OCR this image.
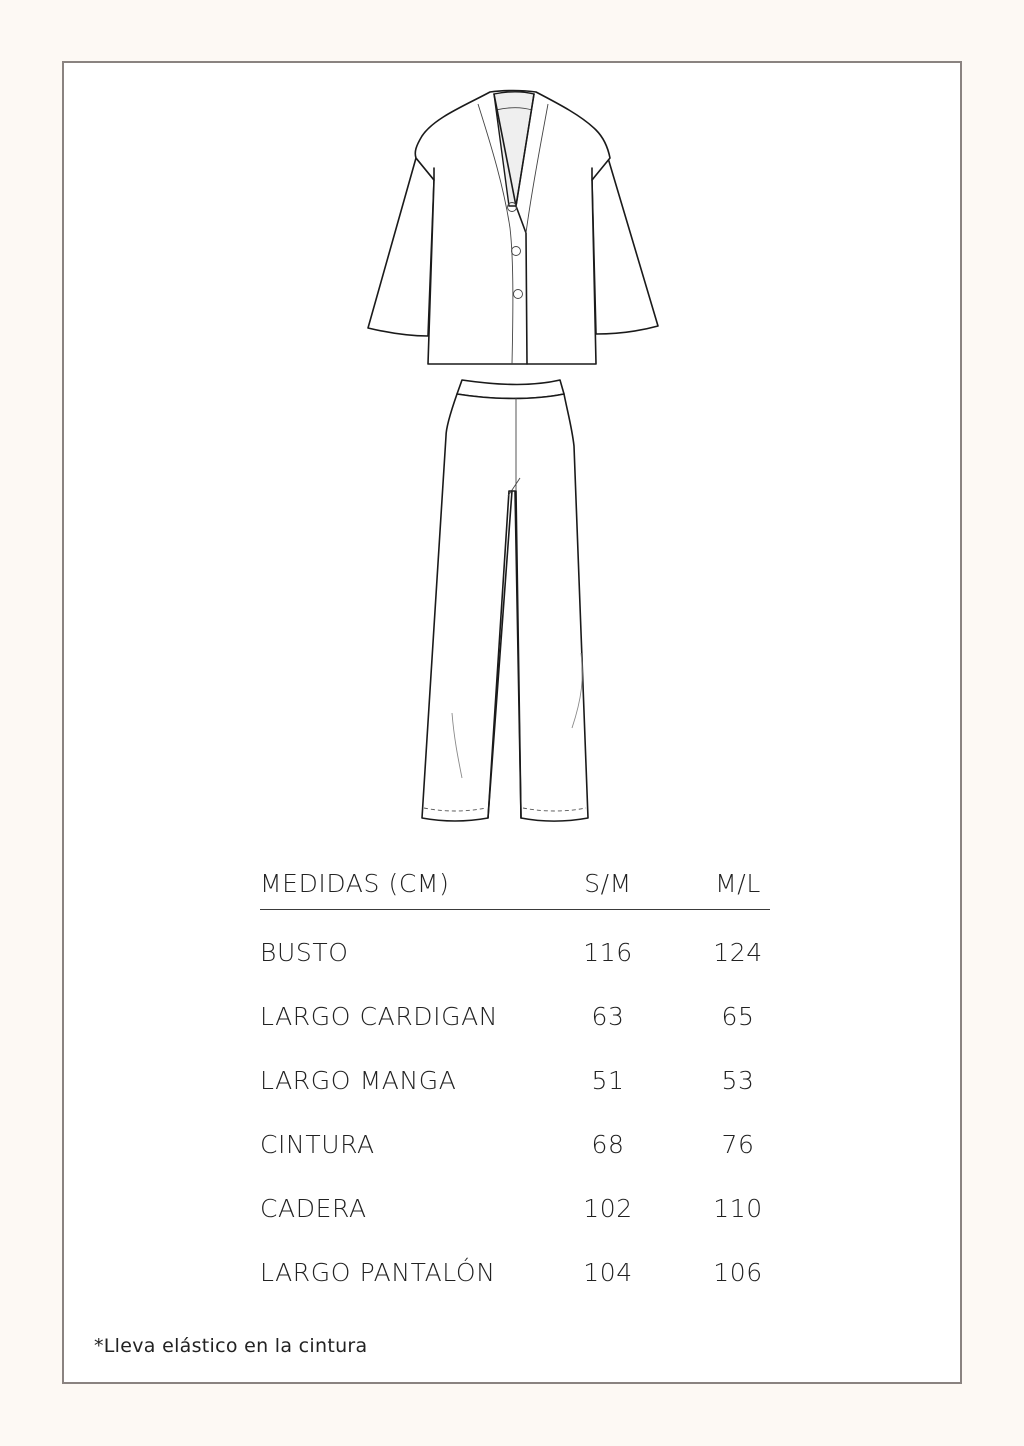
MEDIDAS (CM)	S/M	M/L
BUSTO	116	124
LARGO CARDIGAN	63	65
LARGO MANGA	51	53
CINTURA	68	76
CADERA	102	110
LARGO PANTALÓN	104	106
*Lleva elástico en la cintura
